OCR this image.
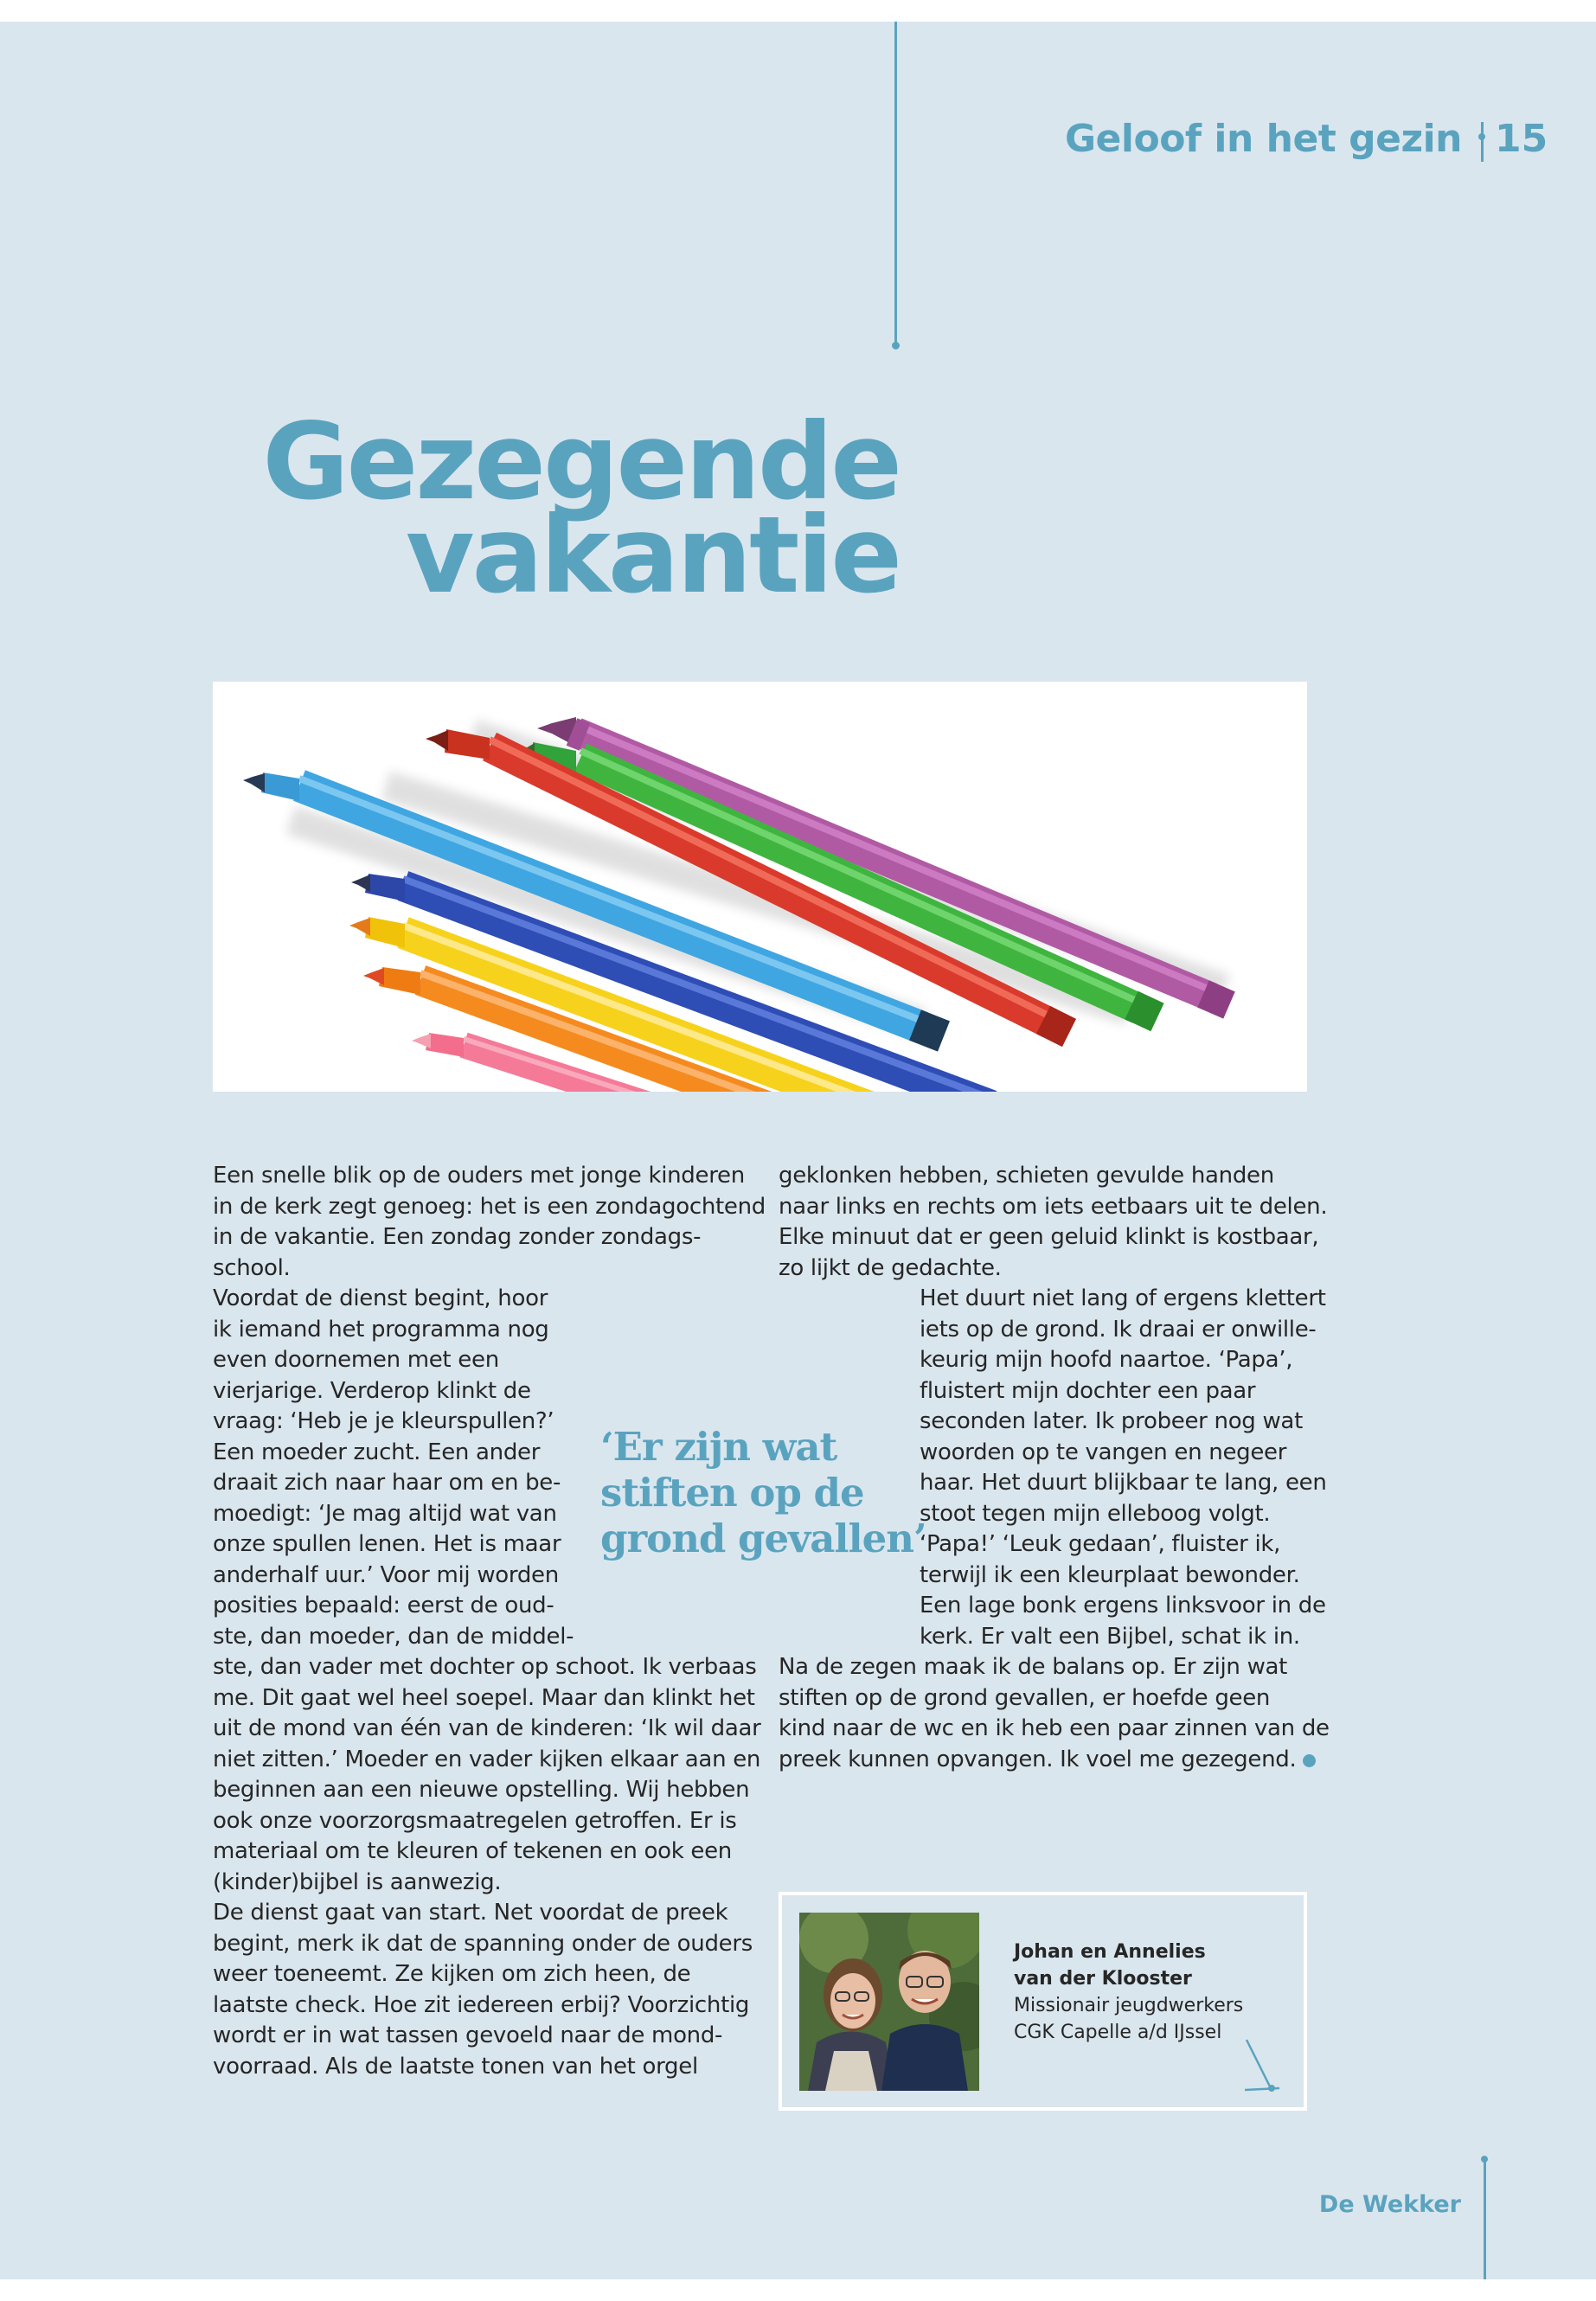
Geloof in het gezin 15
Gezegende
vakantie
Een snelle blik op de ouders met jonge kinderen
in de kerk zegt genoeg: het is een zondagochtend
in de vakantie. Een zondag zonder zondags-
school.
Voordat de dienst begint, hoor
ik iemand het programma nog
even doornemen met een
vierjarige. Verderop klinkt de
vraag: ‘Heb je je kleurspullen?’
Een moeder zucht. Een ander
draait zich naar haar om en be-
moedigt: ‘Je mag altijd wat van
onze spullen lenen. Het is maar
anderhalf uur.’ Voor mij worden
posities bepaald: eerst de oud-
ste, dan moeder, dan de middel-
ste, dan vader met dochter op schoot. Ik verbaas
me. Dit gaat wel heel soepel. Maar dan klinkt het
uit de mond van één van de kinderen: ‘Ik wil daar
niet zitten.’ Moeder en vader kijken elkaar aan en
beginnen aan een nieuwe opstelling. Wij hebben
ook onze voorzorgsmaatregelen getroffen. Er is
materiaal om te kleuren of tekenen en ook een
(kinder)bijbel is aanwezig.
De dienst gaat van start. Net voordat de preek
begint, merk ik dat de spanning onder de ouders
weer toeneemt. Ze kijken om zich heen, de
laatste check. Hoe zit iedereen erbij? Voorzichtig
wordt er in wat tassen gevoeld naar de mond-
voorraad. Als de laatste tonen van het orgel
‘Er zijn wat
stiften op de
grond gevallen’
geklonken hebben, schieten gevulde handen
naar links en rechts om iets eetbaars uit te delen.
Elke minuut dat er geen geluid klinkt is kostbaar,
zo lijkt de gedachte.
Het duurt niet lang of ergens klettert
iets op de grond. Ik draai er onwille-
keurig mijn hoofd naartoe. ‘Papa’,
fluistert mijn dochter een paar
seconden later. Ik probeer nog wat
woorden op te vangen en negeer
haar. Het duurt blijkbaar te lang, een
stoot tegen mijn elleboog volgt.
‘Papa!’ ‘Leuk gedaan’, fluister ik,
terwijl ik een kleurplaat bewonder.
Een lage bonk ergens linksvoor in de
kerk. Er valt een Bijbel, schat ik in.
Na de zegen maak ik de balans op. Er zijn wat
stiften op de grond gevallen, er hoefde geen
kind naar de wc en ik heb een paar zinnen van de
preek kunnen opvangen. Ik voel me gezegend.
Johan en Annelies
van der Klooster
Missionair jeugdwerkers
CGK Capelle a/d IJssel
De Wekker
